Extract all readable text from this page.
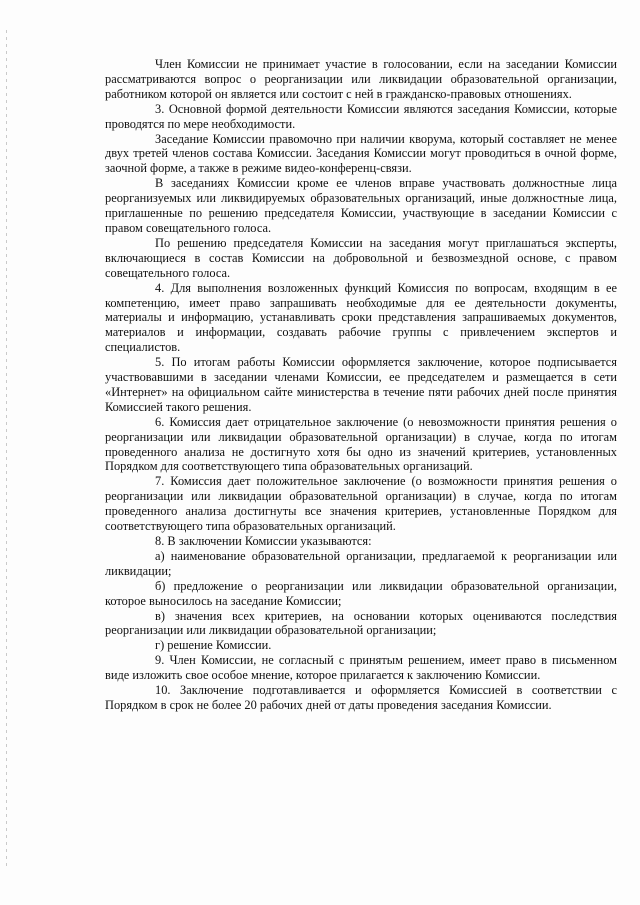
Член Комиссии не принимает участие в голосовании, если на заседании Комиссии рассматриваются вопрос о реорганизации или ликвидации образовательной организации, работником которой он является или состоит с ней в гражданско-правовых отношениях.

3. Основной формой деятельности Комиссии являются заседания Комиссии, которые проводятся по мере необходимости.

Заседание Комиссии правомочно при наличии кворума, который составляет не менее двух третей членов состава Комиссии. Заседания Комиссии могут проводиться в очной форме, заочной форме, а также в режиме видео-конференц-связи.

В заседаниях Комиссии кроме ее членов вправе участвовать должностные лица реорганизуемых или ликвидируемых образовательных организаций, иные должностные лица, приглашенные по решению председателя Комиссии, участвующие в заседании Комиссии с правом совещательного голоса.

По решению председателя Комиссии на заседания могут приглашаться эксперты, включающиеся в состав Комиссии на добровольной и безвозмездной основе, с правом совещательного голоса.

4. Для выполнения возложенных функций Комиссия по вопросам, входящим в ее компетенцию, имеет право запрашивать необходимые для ее деятельности документы, материалы и информацию, устанавливать сроки представления запрашиваемых документов, материалов и информации, создавать рабочие группы с привлечением экспертов и специалистов.

5. По итогам работы Комиссии оформляется заключение, которое подписывается участвовавшими в заседании членами Комиссии, ее председателем и размещается в сети «Интернет» на официальном сайте министерства в течение пяти рабочих дней после принятия Комиссией такого решения.

6. Комиссия дает отрицательное заключение (о невозможности принятия решения о реорганизации или ликвидации образовательной организации) в случае, когда по итогам проведенного анализа не достигнуто хотя бы одно из значений критериев, установленных Порядком для соответствующего типа образовательных организаций.

7. Комиссия дает положительное заключение (о возможности принятия решения о реорганизации или ликвидации образовательной организации) в случае, когда по итогам проведенного анализа достигнуты все значения критериев, установленные Порядком для соответствующего типа образовательных организаций.

8. В заключении Комиссии указываются:

а) наименование образовательной организации, предлагаемой к реорганизации или ликвидации;

б) предложение о реорганизации или ликвидации образовательной организации, которое выносилось на заседание Комиссии;

в) значения всех критериев, на основании которых оцениваются последствия реорганизации или ликвидации образовательной организации;

г) решение Комиссии.

9. Член Комиссии, не согласный с принятым решением, имеет право в письменном виде изложить свое особое мнение, которое прилагается к заключению Комиссии.

10. Заключение подготавливается и оформляется Комиссией в соответствии с Порядком в срок не более 20 рабочих дней от даты проведения заседания Комиссии.
